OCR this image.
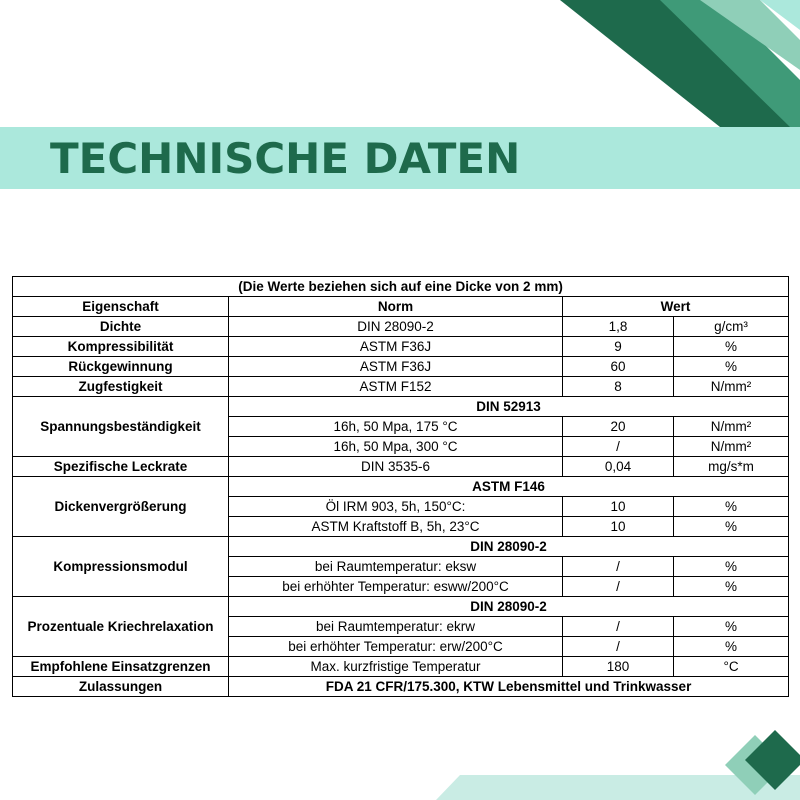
TECHNISCHE DATEN
(Die Werte beziehen sich auf eine Dicke von 2 mm)			
Eigenschaft	Norm	Wert	
Dichte	DIN 28090-2	1,8	g/cm³
Kompressibilität	ASTM F36J	9	%
Rückgewinnung	ASTM F36J	60	%
Zugfestigkeit	ASTM F152	8	N/mm²
Spannungsbeständigkeit	DIN 52913		
	16h, 50 Mpa, 175 °C	20	N/mm²
	16h, 50 Mpa, 300 °C	/	N/mm²
Spezifische Leckrate	DIN 3535-6	0,04	mg/s*m
Dickenvergrößerung	ASTM F146		
	Öl IRM 903, 5h, 150°C:	10	%
	ASTM Kraftstoff B, 5h, 23°C	10	%
Kompressionsmodul	DIN 28090-2		
	bei Raumtemperatur: eksw	/	%
	bei erhöhter Temperatur: esww/200°C	/	%
Prozentuale Kriechrelaxation	DIN 28090-2		
	bei Raumtemperatur: ekrw	/	%
	bei erhöhter Temperatur: erw/200°C	/	%
Empfohlene Einsatzgrenzen	Max. kurzfristige Temperatur	180	°C
Zulassungen	FDA 21 CFR/175.300, KTW Lebensmittel und Trinkwasser		
